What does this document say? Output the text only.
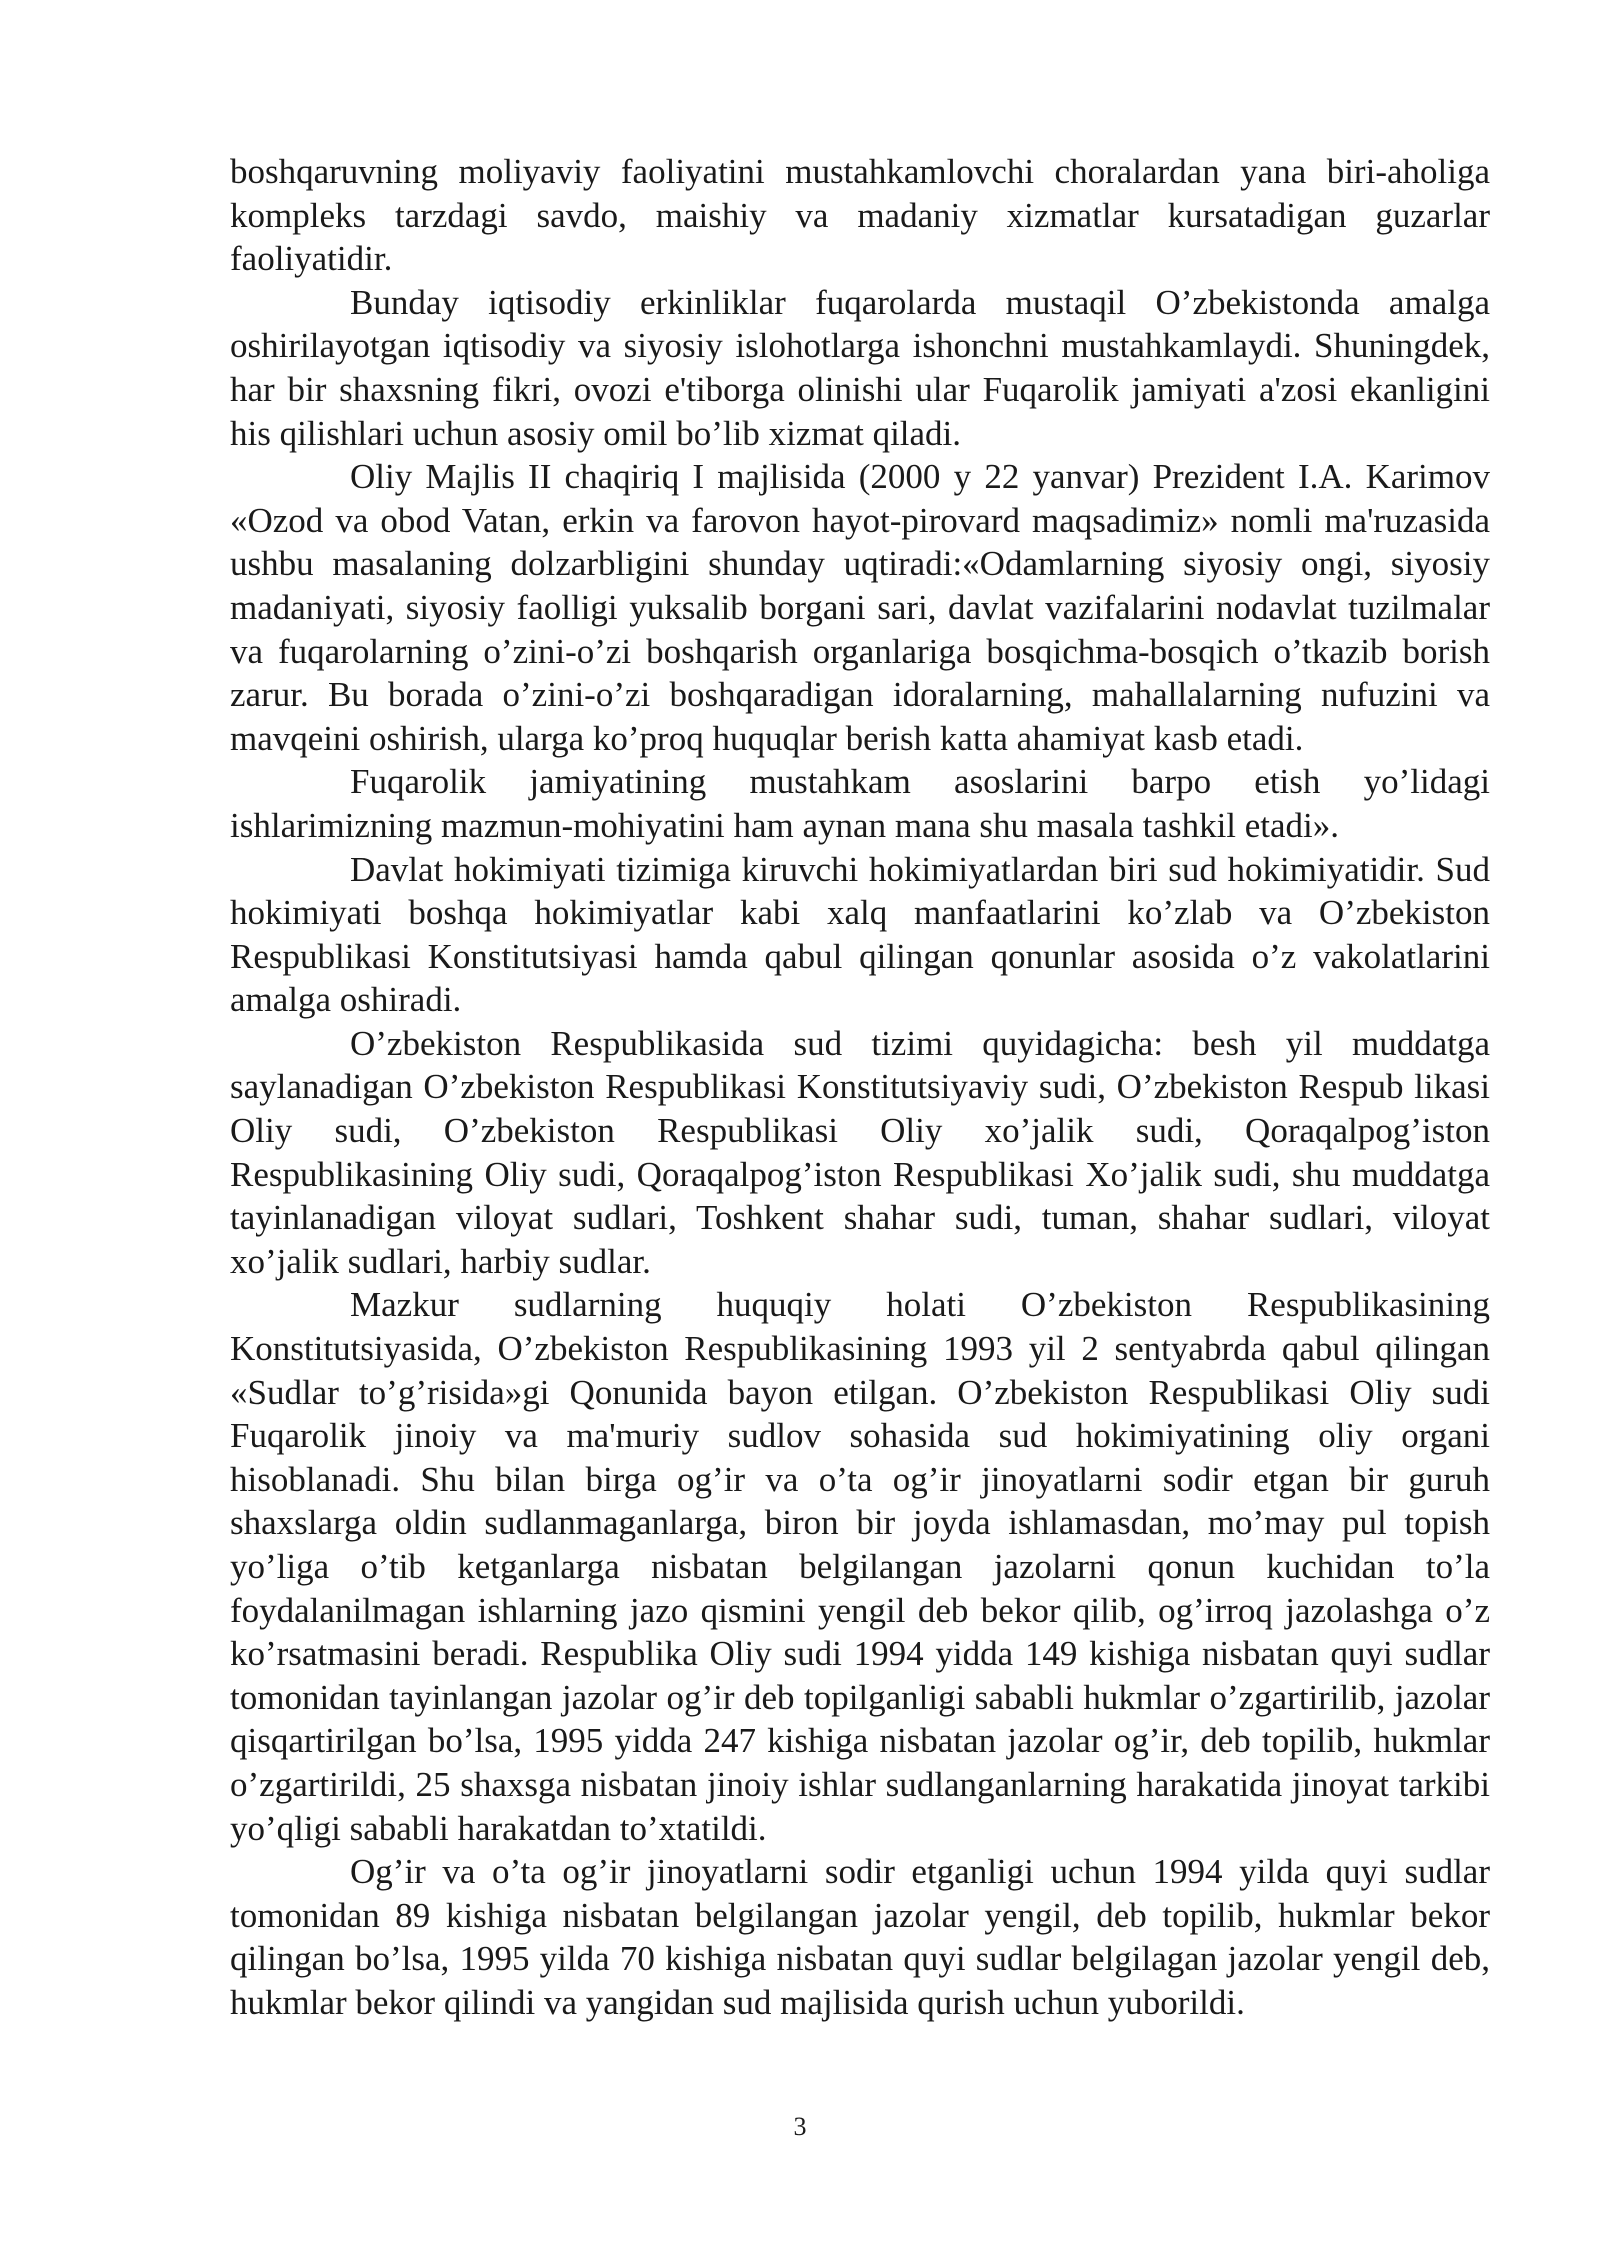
boshqaruvning moliyaviy faoliyatini mustahkamlovchi choralardan yana biri-aholiga kompleks tarzdagi savdo, maishiy va madaniy xizmatlar kursatadigan guzarlar faoliyatidir.

Bunday iqtisodiy erkinliklar fuqarolarda mustaqil O’zbekistonda amalga oshirilayotgan iqtisodiy va siyosiy islohotlarga ishonchni mustahkamlaydi. Shuningdek, har bir shaxsning fikri, ovozi e'tiborga olinishi ular Fuqarolik jamiyati a'zosi ekanligini his qilishlari uchun asosiy omil bo’lib xizmat qiladi.

Oliy Majlis II chaqiriq I majlisida (2000 y 22 yanvar) Prezident I.A. Karimov «Ozod va obod Vatan, erkin va farovon hayot-pirovard maqsadimiz» nomli ma'ruzasida ushbu masalaning dolzarbligini shunday uqtiradi:«Odamlarning siyosiy ongi, siyosiy madaniyati, siyosiy faolligi yuksalib borgani sari, davlat vazifalarini nodavlat tuzilmalar va fuqarolarning o’zini-o’zi boshqarish organlariga bosqichma-bosqich o’tkazib borish zarur. Bu borada o’zini-o’zi boshqaradigan idoralarning, mahallalarning nufuzini va mavqeini oshirish, ularga ko’proq huquqlar berish katta ahamiyat kasb etadi.

Fuqarolik jamiyatining mustahkam asoslarini barpo etish yo’lidagi ishlarimizning mazmun-mohiyatini ham aynan mana shu masala tashkil etadi».

Davlat hokimiyati tizimiga kiruvchi hokimiyatlardan biri sud hokimiyatidir. Sud hokimiyati boshqa hokimiyatlar kabi xalq manfaatlarini ko’zlab va O’zbekiston Respublikasi Konstitutsiyasi hamda qabul qilingan qonunlar asosida o’z vakolatlarini amalga oshiradi.

O’zbekiston Respublikasida sud tizimi quyidagicha: besh yil muddatga saylanadigan O’zbekiston Respublikasi Konstitutsiyaviy sudi, O’zbekiston Respub likasi Oliy sudi, O’zbekiston Respublikasi Oliy xo’jalik sudi, Qoraqalpog’iston Respublikasining Oliy sudi, Qoraqalpog’iston Respublikasi Xo’jalik sudi, shu muddatga tayinlanadigan viloyat sudlari, Toshkent shahar sudi, tuman, shahar sudlari, viloyat xo’jalik sudlari, harbiy sudlar.

Mazkur sudlarning huquqiy holati O’zbekiston Respublikasining Konstitutsiyasida, O’zbekiston Respublikasining 1993 yil 2 sentyabrda qabul qilingan «Sudlar to’g’risida»gi Qonunida bayon etilgan. O’zbekiston Respublikasi Oliy sudi Fuqarolik jinoiy va ma'muriy sudlov sohasida sud hokimiyatining oliy organi hisoblanadi. Shu bilan birga og’ir va o’ta og’ir jinoyatlarni sodir etgan bir guruh shaxslarga oldin sudlanmaganlarga, biron bir joyda ishlamasdan, mo’may pul topish yo’liga o’tib ketganlarga nisbatan belgilangan jazolarni qonun kuchidan to’la foydalanilmagan ishlarning jazo qismini yengil deb bekor qilib, og’irroq jazolashga o’z ko’rsatmasini beradi. Respublika Oliy sudi 1994 yidda 149 kishiga nisbatan quyi sudlar tomonidan tayinlangan jazolar og’ir deb topilganligi sababli hukmlar o’zgartirilib, jazolar qisqartirilgan bo’lsa, 1995 yidda 247 kishiga nisbatan jazolar og’ir, deb topilib, hukmlar o’zgartirildi, 25 shaxsga nisbatan jinoiy ishlar sudlanganlarning harakatida jinoyat tarkibi yo’qligi sababli harakatdan to’xtatildi.

Og’ir va o’ta og’ir jinoyatlarni sodir etganligi uchun 1994 yilda quyi sudlar tomonidan 89 kishiga nisbatan belgilangan jazolar yengil, deb topilib, hukmlar bekor qilingan bo’lsa, 1995 yilda 70 kishiga nisbatan quyi sudlar belgilagan jazolar yengil deb, hukmlar bekor qilindi va yangidan sud majlisida qurish uchun yuborildi.

3
